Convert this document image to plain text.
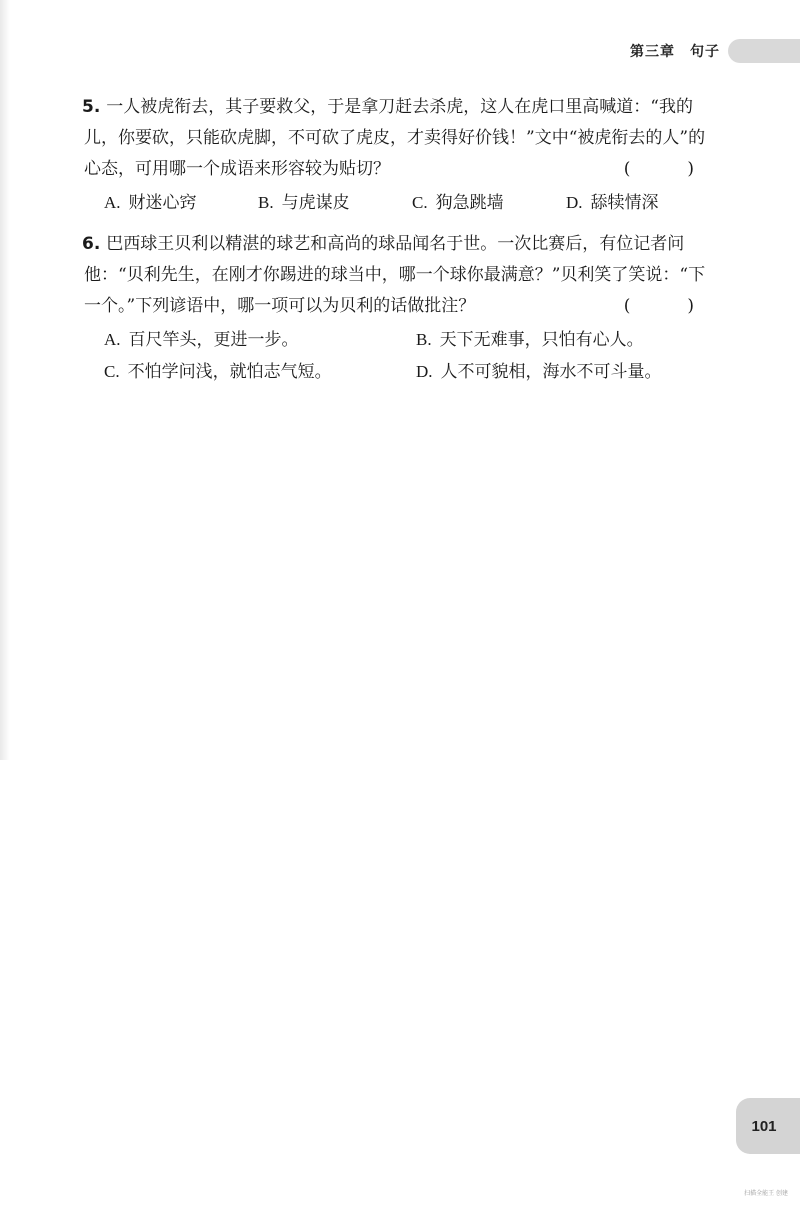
第三章　句子
5. 一人被虎衔去，其子要救父，于是拿刀赶去杀虎，这人在虎口里高喊道：“我的儿，你要砍，只能砍虎脚，不可砍了虎皮，才卖得好价钱！”文中“被虎衔去的人”的心态，可用哪一个成语来形容较为贴切？	(　)
A. 财迷心窍	B. 与虎谋皮	C. 狗急跳墙	D. 舔犊情深
6. 巴西球王贝利以精湛的球艺和高尚的球品闻名于世。一次比赛后，有位记者问他：“贝利先生，在刚才你踢进的球当中，哪一个球你最满意？”贝利笑了笑说：“下一个。”下列谚语中，哪一项可以为贝利的话做批注？	(　)
A. 百尺竿头，更进一步。	B. 天下无难事，只怕有心人。
C. 不怕学问浅，就怕志气短。	D. 人不可貌相，海水不可斗量。
101
扫描全能王 创建
